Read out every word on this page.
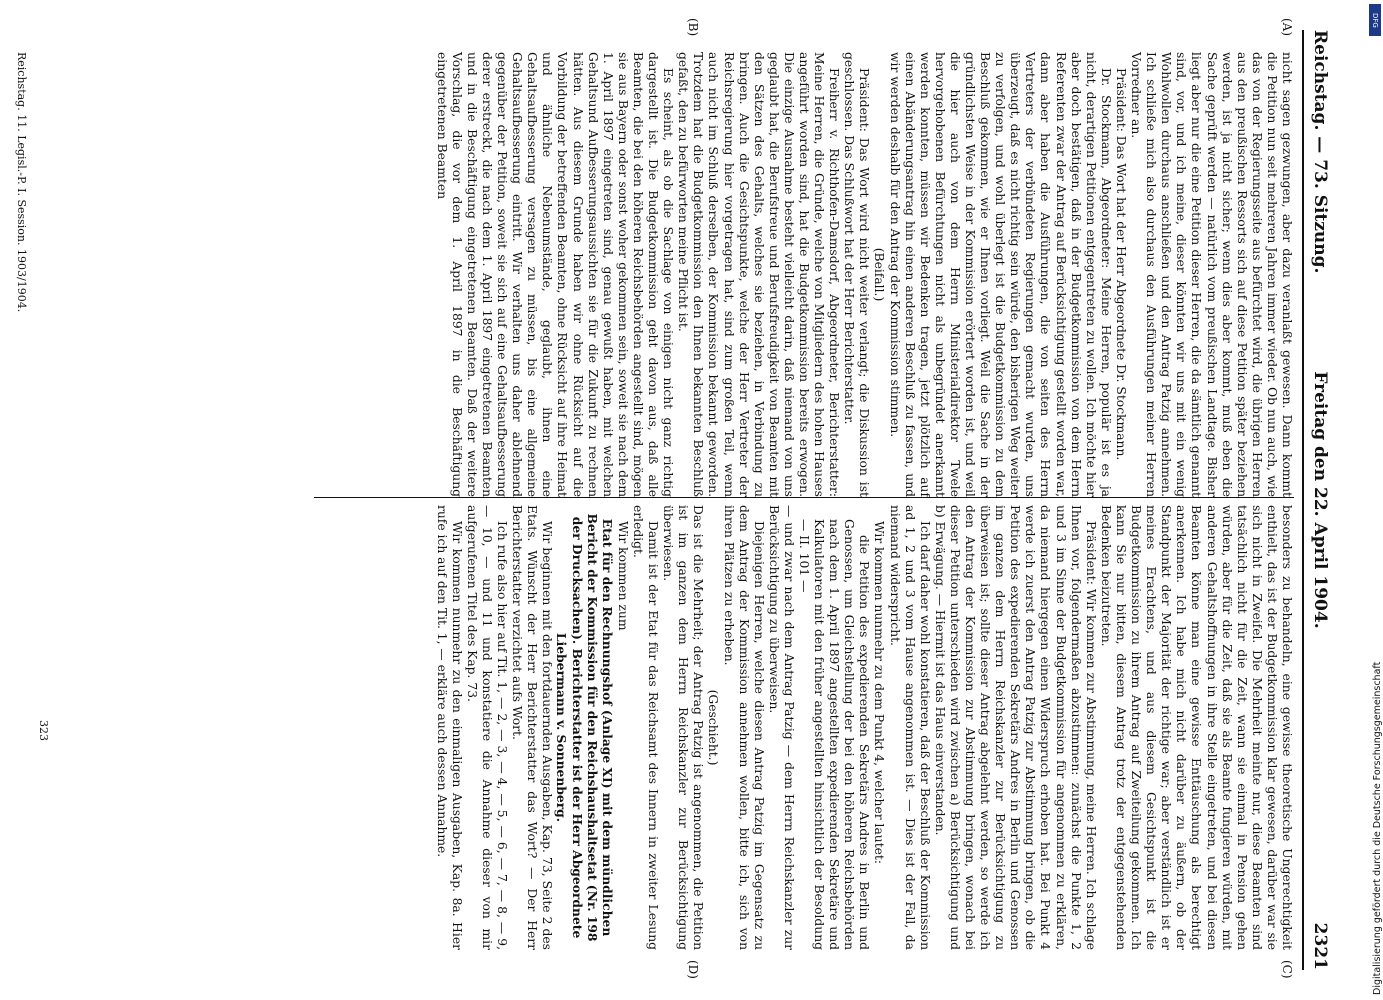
Reichstag. — 73. Sitzung.
Freitag den 22. April 1904.
2321
(A)
(B)
(C)
(D)

nicht sagen gezwungen, aber dazu veranlaßt gewesen. Dann kommt die Petition nun seit mehreren Jahren immer wieder. Ob nun auch, wie das von der Regierungsseite aus befürchtet wird, die übrigen Herren aus den preußischen Ressorts sich auf diese Petition später beziehen werden, ist ja nicht sicher; wenn dies aber kommt, muß eben die Sache geprüft werden — natürlich vom preußischen Landtage. Bisher liegt aber nur die eine Petition dieser Herren, die da sämtlich genannt sind, vor, und ich meine, dieser könnten wir uns mit ein wenig Wohlwollen durchaus anschließen und den Antrag Patzig annehmen. Ich schließe mich also durchaus den Ausführungen meiner Herren Vorredner an.

Präsident: Das Wort hat der Herr Abgeordnete Dr. Stockmann.

Dr. Stockmann, Abgeordneter: Meine Herren, populär ist es ja nicht, derartigen Petitionen entgegentreten zu wollen. Ich möchte hier aber doch bestätigen, daß in der Budgetkommission von dem Herrn Referenten zwar der Antrag auf Berücksichtigung gestellt worden war, dann aber haben die Ausführungen, die von seiten des Herrn Vertreters der verbündeten Regierungen gemacht wurden, uns überzeugt, daß es nicht richtig sein würde, den bisherigen Weg weiter zu verfolgen, und wohl überlegt ist die Budgetkommission zu dem Beschluß gekommen, wie er Ihnen vorliegt. Weil die Sache in der gründlichsten Weise in der Kommission erörtert worden ist, und weil die hier auch von dem Herrn Ministerialdirektor Twele hervorgehobenen Befürchtungen nicht als unbegründet anerkannt werden konnten, müssen wir Bedenken tragen, jetzt plötzlich auf einen Abänderungsantrag hin einen anderen Beschluß zu fassen, und wir werden deshalb für den Antrag der Kommission stimmen.

(Beifall.)

Präsident: Das Wort wird nicht weiter verlangt; die Diskussion ist geschlossen. Das Schlußwort hat der Herr Berichterstatter.

Freiherr v. Richthofen-Damsdorf, Abgeordneter, Berichterstatter: Meine Herren, die Gründe, welche von Mitgliedern des hohen Hauses angeführt worden sind, hat die Budgetkommission bereits erwogen. Die einzige Ausnahme besteht vielleicht darin, daß niemand von uns geglaubt hat, die Berufstreue und Berufsfreudigkeit von Beamten mit den Sätzen des Gehalts, welches sie beziehen, in Verbindung zu bringen. Auch die Gesichtspunkte, welche der Herr Vertreter der Reichsregierung hier vorgetragen hat, sind zum großen Teil, wenn auch nicht im Schluß derselben, der Kommission bekannt geworden. Trotzdem hat die Budgetkommission den Ihnen bekannten Beschluß gefaßt, den zu befürworten meine Pflicht ist.

Es scheint, als ob die Sachlage von einigen nicht ganz richtig dargestellt ist. Die Budgetkommission geht davon aus, daß alle Beamten, die bei den höheren Reichsbehörden angestellt sind, mögen sie aus Bayern oder sonst woher gekommen sein, soweit sie nach dem 1. April 1897 eingetreten sind, genau gewußt haben, mit welchen Gehaltsund Aufbesserungsaussichten sie für die Zukunft zu rechnen hätten. Aus diesem Grunde haben wir ohne Rücksicht auf die Vorbildung der betreffenden Beamten, ohne Rücksicht auf ihre Heimat und ähnliche Nebenumstände, geglaubt, ihnen eine Gehaltsaufbesserung versagen zu müssen, bis eine allgemeine Gehaltsaufbesserung eintritt. Wir verhalten uns daher ablehnend gegenüber der Petition, soweit sie sich auf eine Gehaltsaufbesserung derer erstreckt, die nach dem 1. April 1897 eingetretenen Beamten und in die Beschäftigung eingetretenen Beamten. Daß der weitere Vorschlag, die vor dem 1. April 1897 in die Beschäftigung eingetretenen Beamten

besonders zu behandeln, eine gewisse theoretische Ungerechtigkeit enthielt, das ist der Budgetkommission klar gewesen, darüber war sie sich nicht in Zweifel. Die Mehrheit meinte nur, diese Beamten sind tatsächlich nicht für die Zeit, wann sie einmal in Pension gehen würden, aber für die Zeit, daß sie als Beamte fungieren würden, mit anderen Gehaltshoffnungen in ihre Stelle eingetreten, und bei diesen Beamten könne man eine gewisse Enttäuschung als berechtigt anerkennen. Ich habe mich nicht darüber zu äußern, ob der Standpunkt der Majorität der richtige war; aber verständlich ist er meines Erachtens, und aus diesem Gesichtspunkt ist die Budgetkommission zu ihrem Antrag auf Zweiteilung gekommen. Ich kann Sie nur bitten, diesem Antrag trotz der entgegenstehenden Bedenken beizutreten.

Präsident: Wir kommen zur Abstimmung, meine Herren. Ich schlage Ihnen vor, folgendermaßen abzustimmen: zunächst die Punkte 1, 2 und 3 im Sinne der Budgetkommission für angenommen zu erklären, da niemand hiergegen einen Widerspruch erhoben hat. Bei Punkt 4 werde ich zuerst den Antrag Patzig zur Abstimmung bringen, ob die Petition des expedierenden Sekretärs Andres in Berlin und Genossen im ganzen dem Herrn Reichskanzler zur Berücksichtigung zu überweisen ist; sollte dieser Antrag abgelehnt werden, so werde ich den Antrag der Kommission zur Abstimmung bringen, wonach bei dieser Petition unterschieden wird zwischen a) Berücksichtigung und b) Erwägung. — Hiermit ist das Haus einverstanden.

Ich darf daher wohl konstatieren, daß der Beschluß der Kommission ad 1, 2 und 3 vom Hause angenommen ist. — Dies ist der Fall, da niemand widerspricht.

Wir kommen nunmehr zu dem Punkt 4, welcher lautet:

die Petition des expedierenden Sekretärs Andres in Berlin und Genossen, um Gleichstellung der bei den höheren Reichsbehörden nach dem 1. April 1897 angestellten expedierenden Sekretäre und Kalkulatoren mit den früher angestellten hinsichtlich der Besoldung — II. 101 —

— und zwar nach dem Antrag Patzig — dem Herrn Reichskanzler zur Berücksichtigung zu überweisen.

Diejenigen Herren, welche diesen Antrag Patzig im Gegensatz zu dem Antrag der Kommission annehmen wollen, bitte ich, sich von ihren Plätzen zu erheben.

(Geschieht.)

Das ist die Mehrheit; der Antrag Patzig ist angenommen, die Petition ist im ganzen dem Herrn Reichskanzler zur Berücksichtigung überwiesen.

Damit ist der Etat für das Reichsamt des Innern in zweiter Lesung erledigt.

Wir kommen zum

Etat für den Rechnungshof (Anlage XI) mit dem mündlichen Bericht der Kommission für den Reichshaushaltsetat (Nr. 198 der Drucksachen). Berichterstatter ist der Herr Abgeordnete Liebermann v. Sonnenberg.

Wir beginnen mit den fortdauernden Ausgaben, Kap. 73, Seite 2 des Etats. Wünscht der Herr Berichterstatter das Wort? — Der Herr Berichterstatter verzichtet aufs Wort.

Ich rufe also hier auf Tit. 1, — 2, — 3, — 4, — 5, — 6, — 7, — 8, — 9, — 10, — und 11 und konstatiere die Annahme dieser von mir aufgerufenen Titel des Kap. 73.

Wir kommen nunmehr zu den einmaligen Ausgaben, Kap. 8a. Hier rufe ich auf den Tit. 1, — erkläre auch dessen Annahme.

Reichstag. 11. Legisl.-P. I. Session. 1903/1904.
323
DFG
Digitalisierung gefördert durch die Deutsche Forschungsgemeinschaft
